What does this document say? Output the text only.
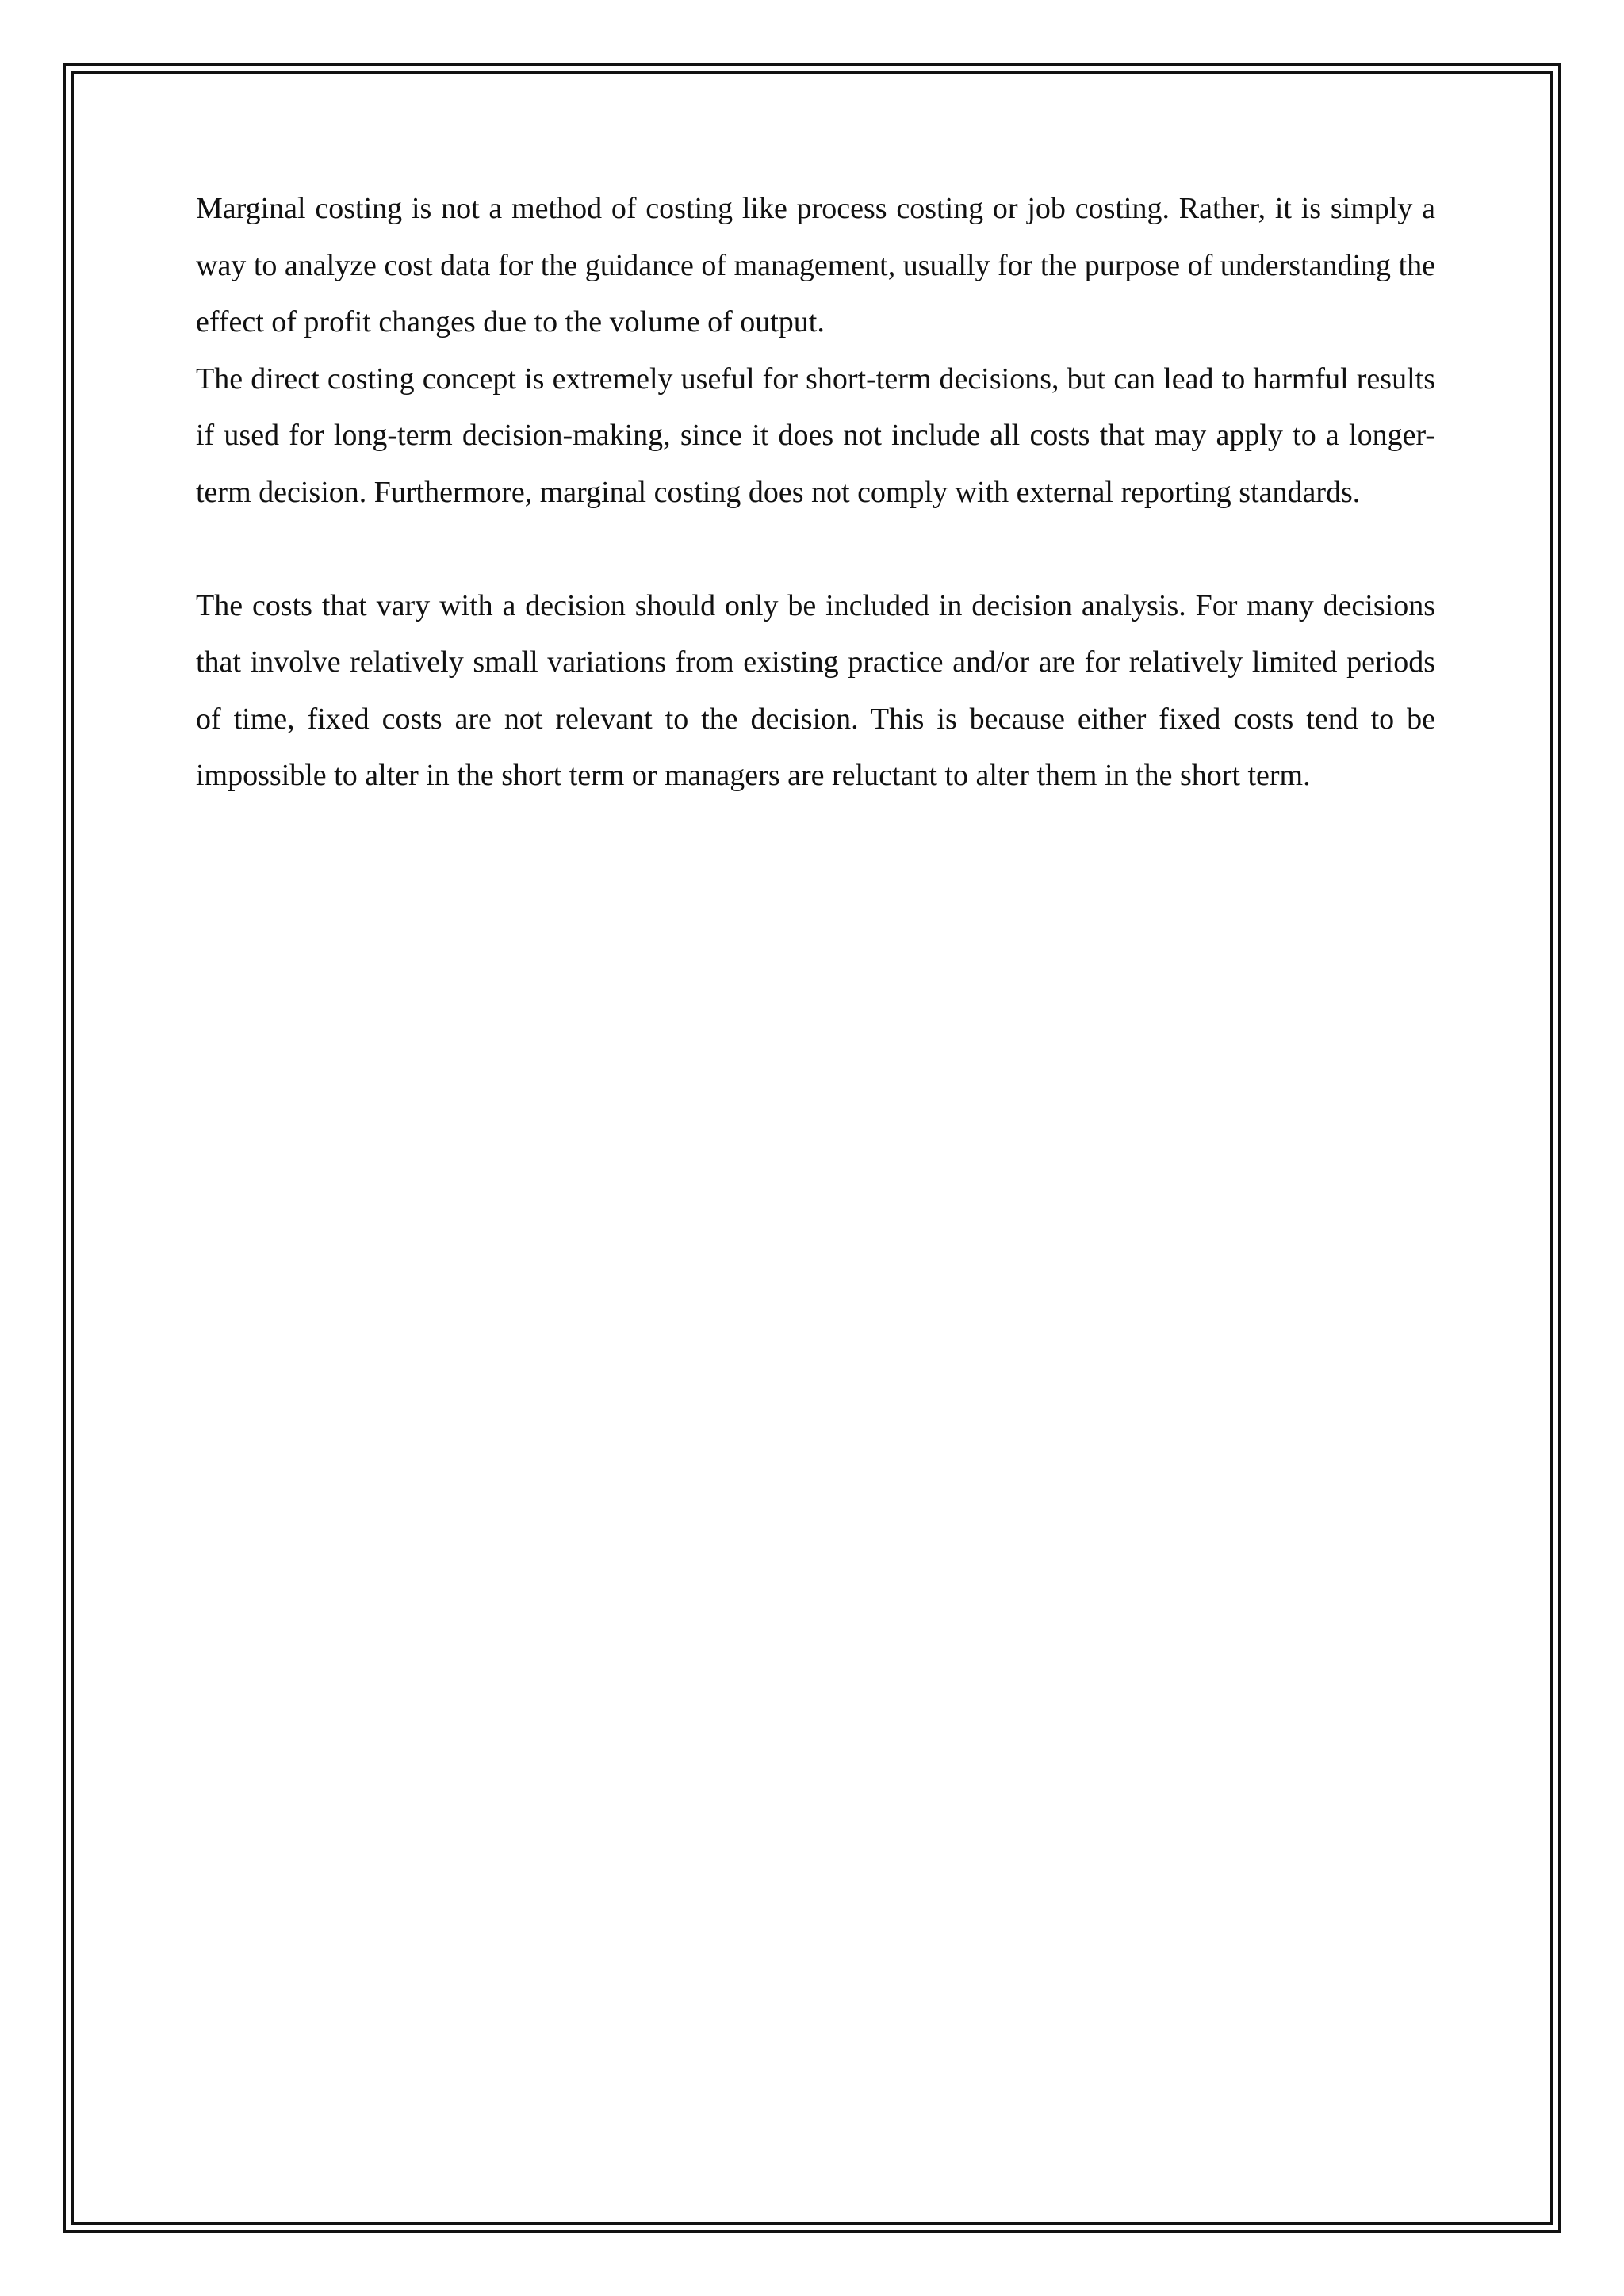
Marginal costing is not a method of costing like process costing or job costing. Rather, it is simply a way to analyze cost data for the guidance of management, usually for the purpose of understanding the effect of profit changes due to the volume of output.

The direct costing concept is extremely useful for short-term decisions, but can lead to harmful results if used for long-term decision-making, since it does not include all costs that may apply to a longer-term decision. Furthermore, marginal costing does not comply with external reporting standards.

The costs that vary with a decision should only be included in decision analysis. For many decisions that involve relatively small variations from existing practice and/or are for relatively limited periods of time, fixed costs are not relevant to the decision. This is because either fixed costs tend to be impossible to alter in the short term or managers are reluctant to alter them in the short term.
